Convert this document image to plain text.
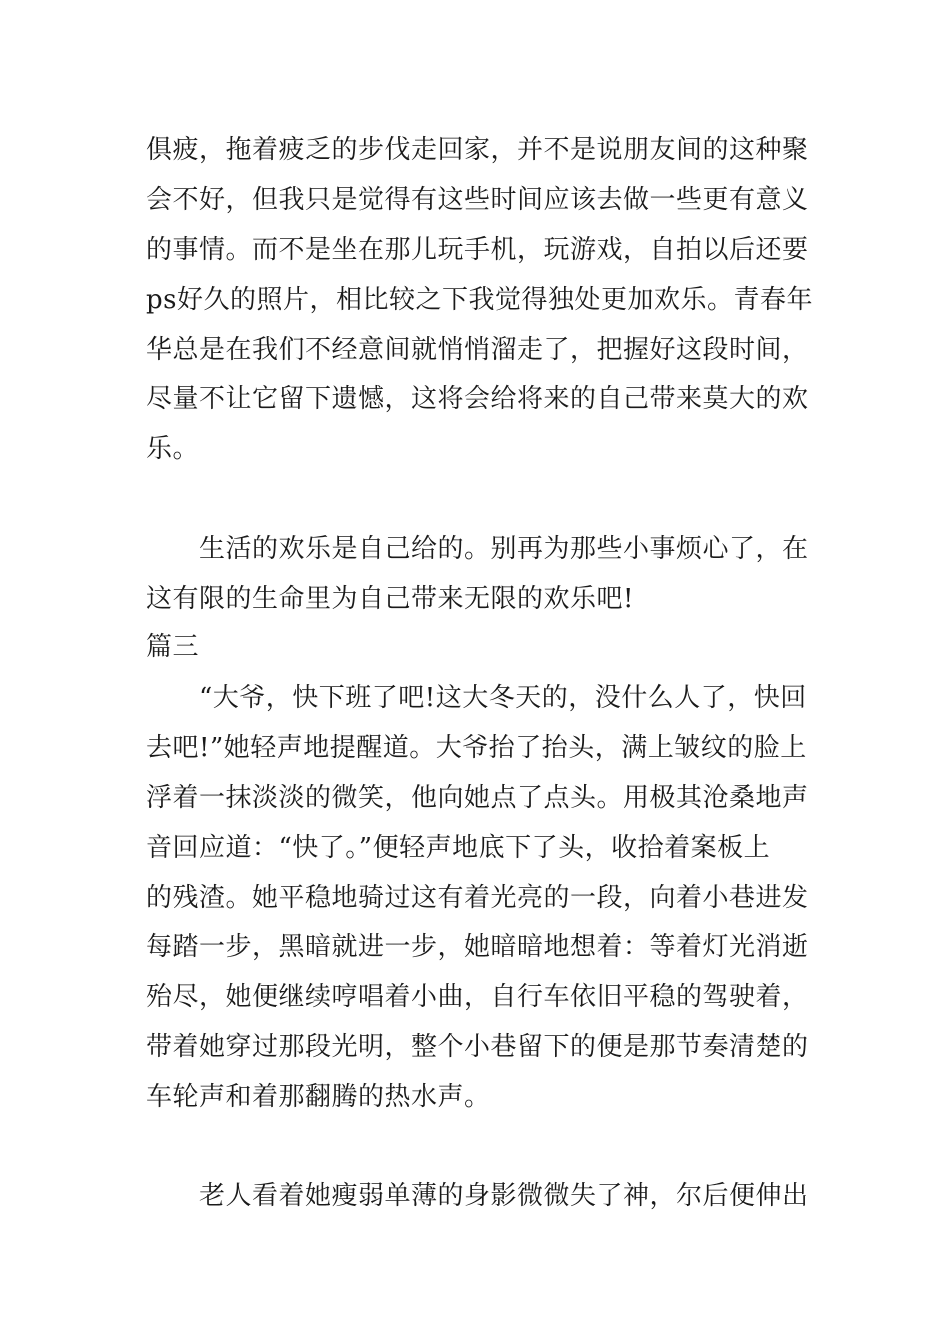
俱疲，拖着疲乏的步伐走回家，并不是说朋友间的这种聚
会不好，但我只是觉得有这些时间应该去做一些更有意义
的事情。而不是坐在那儿玩手机，玩游戏，自拍以后还要
ps好久的照片，相比较之下我觉得独处更加欢乐。青春年
华总是在我们不经意间就悄悄溜走了，把握好这段时间，
尽量不让它留下遗憾，这将会给将来的自己带来莫大的欢
乐。
　　生活的欢乐是自己给的。别再为那些小事烦心了，在
这有限的生命里为自己带来无限的欢乐吧!
篇三
　　“大爷，快下班了吧!这大冬天的，没什么人了，快回
去吧!”她轻声地提醒道。大爷抬了抬头，满上皱纹的脸上
浮着一抹淡淡的微笑，他向她点了点头。用极其沧桑地声
音回应道：“快了。”便轻声地底下了头，收拾着案板上
的残渣。她平稳地骑过这有着光亮的一段，向着小巷进发
每踏一步，黑暗就进一步，她暗暗地想着：等着灯光消逝
殆尽，她便继续哼唱着小曲，自行车依旧平稳的驾驶着，
带着她穿过那段光明，整个小巷留下的便是那节奏清楚的
车轮声和着那翻腾的热水声。
　　老人看着她瘦弱单薄的身影微微失了神，尔后便伸出
